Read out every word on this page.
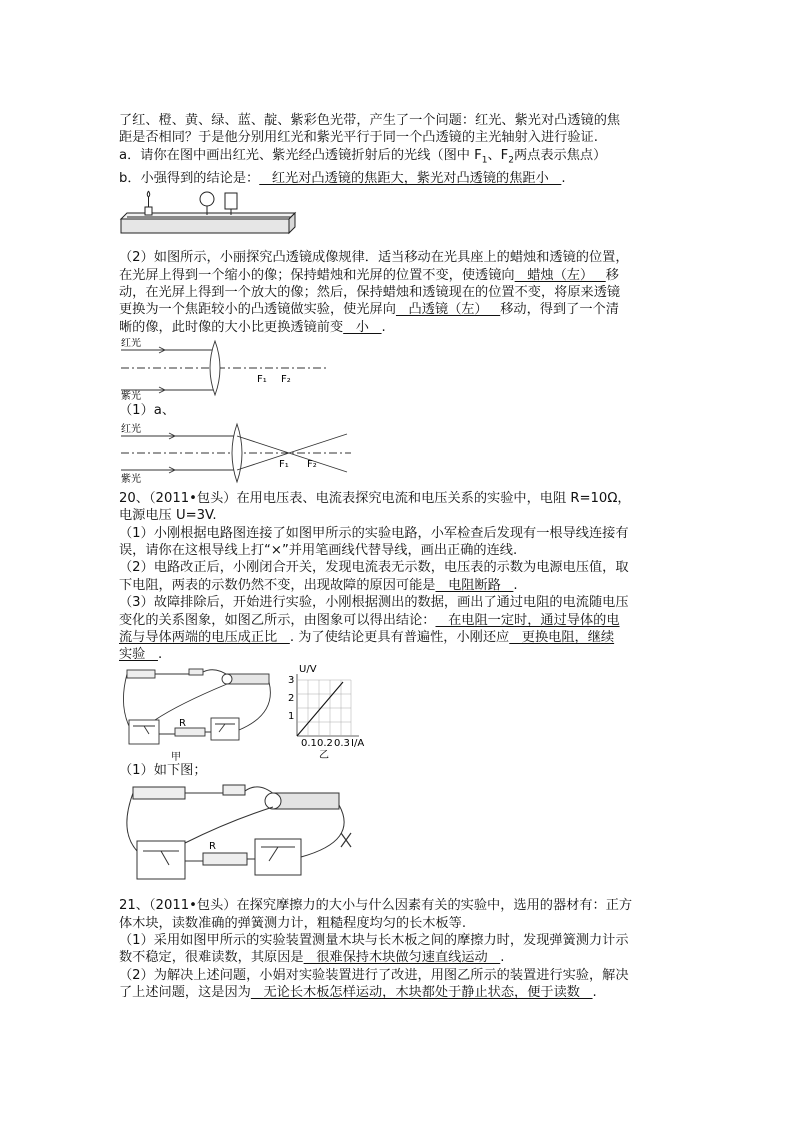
了红、橙、黄、绿、蓝、靛、紫彩色光带，产生了一个问题：红光、紫光对凸透镜的焦

距是否相同？于是他分别用红光和紫光平行于同一个凸透镜的主光轴射入进行验证.

a．请你在图中画出红光、紫光经凸透镜折射后的光线（图中 $F_1$、$F_2$两点表示焦点）

b．小强得到的结论是：   红光对凸透镜的焦距大，紫光对凸透镜的焦距小   .

（2）如图所示，小丽探究凸透镜成像规律．适当移动在光具座上的蜡烛和透镜的位置，

在光屏上得到一个缩小的像；保持蜡烛和光屏的位置不变，使透镜向   蜡烛（左）   移

动，在光屏上得到一个放大的像；然后，保持蜡烛和透镜现在的位置不变，将原来透镜

更换为一个焦距较小的凸透镜做实验，使光屏向   凸透镜（左）   移动，得到了一个清

晰的像，此时像的大小比更换透镜前变   小   .

红光
紫光
F₁ F₂

（1）a、

红光
紫光
F₁ F₂

20、（2011•包头）在用电压表、电流表探究电流和电压关系的实验中，电阻 R=10Ω，

电源电压 U=3V.

（1）小刚根据电路图连接了如图甲所示的实验电路，小军检查后发现有一根导线连接有

误，请你在这根导线上打“×”并用笔画线代替导线，画出正确的连线.

（2）电路改正后，小刚闭合开关，发现电流表无示数，电压表的示数为电源电压值，取

下电阻，两表的示数仍然不变，出现故障的原因可能是   电阻断路   .

（3）故障排除后，开始进行实验，小刚根据测出的数据，画出了通过电阻的电流随电压

变化的关系图象，如图乙所示，由图象可以得出结论：   在电阻一定时，通过导体的电

流与导体两端的电压成正比   . 为了使结论更具有普遍性，小刚还应   更换电阻，继续

实验   .

R
甲
U/V
I/A
3
2
1
0.1 0.2 0.3
乙

（1）如下图；

R

21、（2011•包头）在探究摩擦力的大小与什么因素有关的实验中，选用的器材有：正方

体木块，读数准确的弹簧测力计，粗糙程度均匀的长木板等.

（1）采用如图甲所示的实验装置测量木块与长木板之间的摩擦力时，发现弹簧测力计示

数不稳定，很难读数，其原因是   很难保持木块做匀速直线运动   .

（2）为解决上述问题，小娟对实验装置进行了改进，用图乙所示的装置进行实验，解决

了上述问题，这是因为   无论长木板怎样运动，木块都处于静止状态，便于读数   .
